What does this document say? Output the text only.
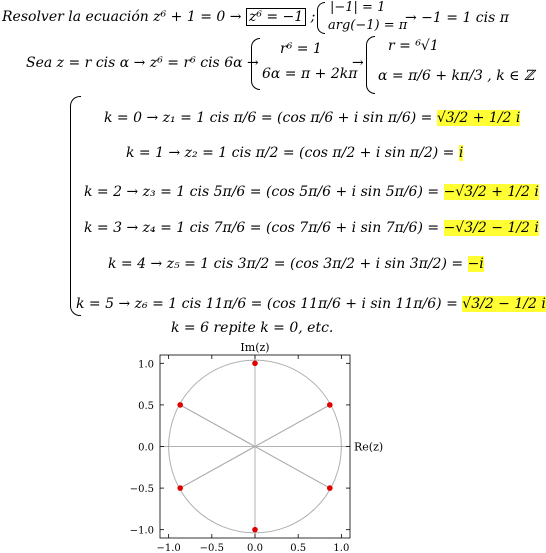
Resolver la ecuación z⁶ + 1 = 0 → z⁶ = −1 ;
|−1| = 1
arg(−1) = π
→ −1 = 1 cis π
Sea z = r cis α → z⁶ = r⁶ cis 6α →
r⁶ = 1
6α = π + 2kπ
→
r = ⁶√1
α = π/6 + kπ/3 , k ∈ ℤ
k = 0 → z₁ = 1 cis π/6 = (cos π/6 + i sin π/6) = √3/2 + 1/2 i
k = 1 → z₂ = 1 cis π/2 = (cos π/2 + i sin π/2) = i
k = 2 → z₃ = 1 cis 5π/6 = (cos 5π/6 + i sin 5π/6) = −√3/2 + 1/2 i
k = 3 → z₄ = 1 cis 7π/6 = (cos 7π/6 + i sin 7π/6) = −√3/2 − 1/2 i
k = 4 → z₅ = 1 cis 3π/2 = (cos 3π/2 + i sin 3π/2) = −i
k = 5 → z₆ = 1 cis 11π/6 = (cos 11π/6 + i sin 11π/6) = √3/2 − 1/2 i
k = 6 repite k = 0, etc.
−1.0 −0.5 0.0	0.5	1.0
1.0
0.5
0.0
−0.5
−1.0
Im(z)
Re(z)
